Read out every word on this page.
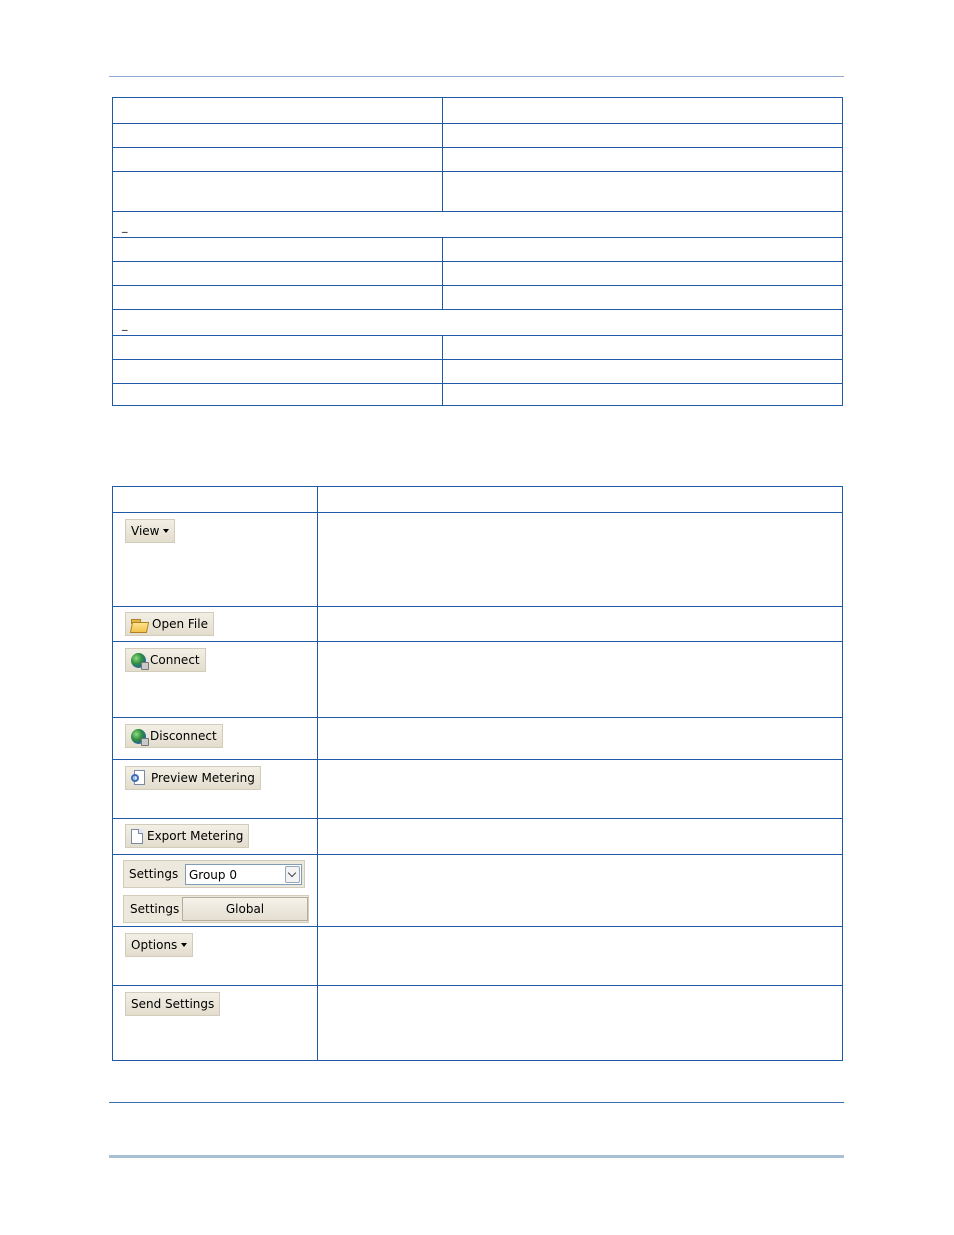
_	

_	

View	

Open File	

Connect	

Disconnect	

Preview Metering	

Export Metering	

Settings Group 0
Settings Global	

Options	

Send Settings	
